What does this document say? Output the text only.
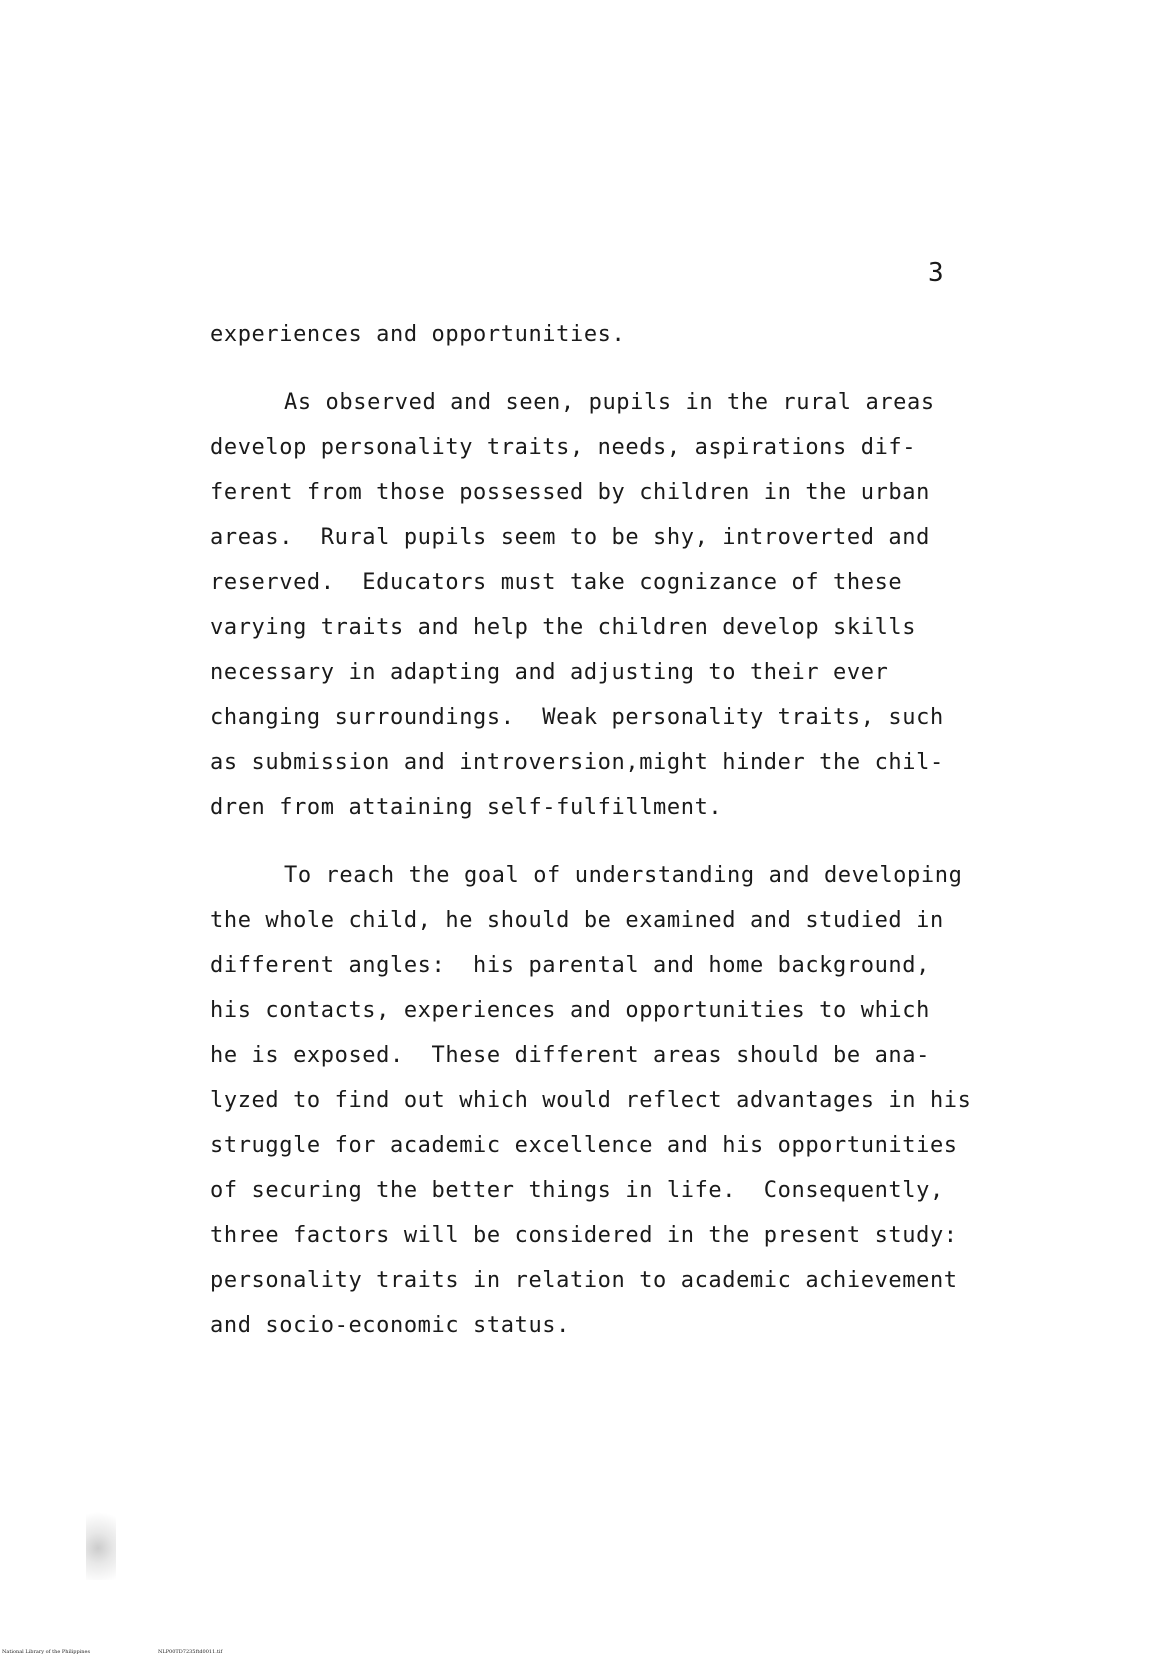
3
experiences and opportunities.
As observed and seen, pupils in the rural areas
develop personality traits, needs, aspirations dif-
ferent from those possessed by children in the urban
areas.  Rural pupils seem to be shy, introverted and
reserved.  Educators must take cognizance of these
varying traits and help the children develop skills
necessary in adapting and adjusting to their ever
changing surroundings.  Weak personality traits, such
as submission and introversion,might hinder the chil-
dren from attaining self-fulfillment.
To reach the goal of understanding and developing
the whole child, he should be examined and studied in
different angles:  his parental and home background,
his contacts, experiences and opportunities to which
he is exposed.  These different areas should be ana-
lyzed to find out which would reflect advantages in his
struggle for academic excellence and his opportunities
of securing the better things in life.  Consequently,
three factors will be considered in the present study:
personality traits in relation to academic achievement
and socio-economic status.
National Library of the Philippines	NLP00TD7235ftd0011.tif
